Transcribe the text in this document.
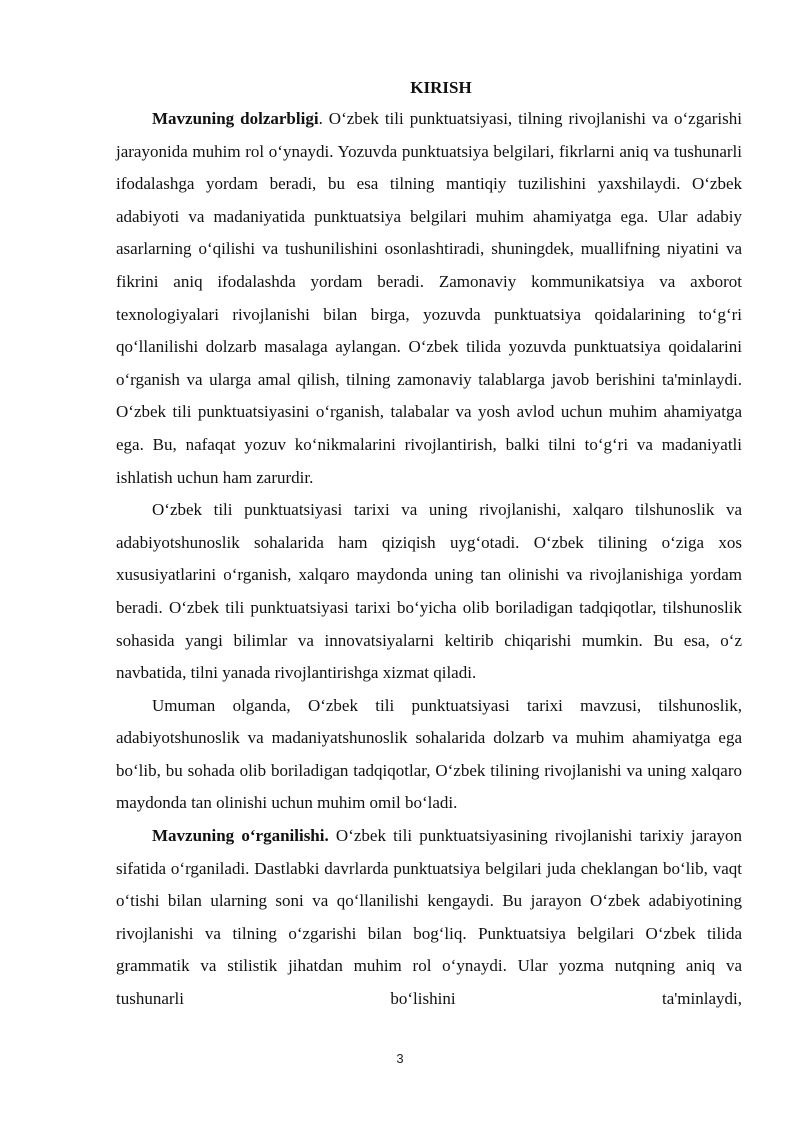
KIRISH

Mavzuning dolzarbligi. O‘zbek tili punktuatsiyasi, tilning rivojlanishi va o‘zgarishi jarayonida muhim rol o‘ynaydi. Yozuvda punktuatsiya belgilari, fikrlarni aniq va tushunarli ifodalashga yordam beradi, bu esa tilning mantiqiy tuzilishini yaxshilaydi. O‘zbek adabiyoti va madaniyatida punktuatsiya belgilari muhim ahamiyatga ega. Ular adabiy asarlarning o‘qilishi va tushunilishini osonlashtiradi, shuningdek, muallifning niyatini va fikrini aniq ifodalashda yordam beradi. Zamonaviy kommunikatsiya va axborot texnologiyalari rivojlanishi bilan birga, yozuvda punktuatsiya qoidalarining to‘g‘ri qo‘llanilishi dolzarb masalaga aylangan. O‘zbek tilida yozuvda punktuatsiya qoidalarini o‘rganish va ularga amal qilish, tilning zamonaviy talablarga javob berishini ta'minlaydi. O‘zbek tili punktuatsiyasini o‘rganish, talabalar va yosh avlod uchun muhim ahamiyatga ega. Bu, nafaqat yozuv ko‘nikmalarini rivojlantirish, balki tilni to‘g‘ri va madaniyatli ishlatish uchun ham zarurdir.

O‘zbek tili punktuatsiyasi tarixi va uning rivojlanishi, xalqaro tilshunoslik va adabiyotshunoslik sohalarida ham qiziqish uyg‘otadi. O‘zbek tilining o‘ziga xos xususiyatlarini o‘rganish, xalqaro maydonda uning tan olinishi va rivojlanishiga yordam beradi. O‘zbek tili punktuatsiyasi tarixi bo‘yicha olib boriladigan tadqiqotlar, tilshunoslik sohasida yangi bilimlar va innovatsiyalarni keltirib chiqarishi mumkin. Bu esa, o‘z navbatida, tilni yanada rivojlantirishga xizmat qiladi.

Umuman olganda, O‘zbek tili punktuatsiyasi tarixi mavzusi, tilshunoslik, adabiyotshunoslik va madaniyatshunoslik sohalarida dolzarb va muhim ahamiyatga ega bo‘lib, bu sohada olib boriladigan tadqiqotlar, O‘zbek tilining rivojlanishi va uning xalqaro maydonda tan olinishi uchun muhim omil bo‘ladi.

Mavzuning o‘rganilishi. O‘zbek tili punktuatsiyasining rivojlanishi tarixiy jarayon sifatida o‘rganiladi. Dastlabki davrlarda punktuatsiya belgilari juda cheklangan bo‘lib, vaqt o‘tishi bilan ularning soni va qo‘llanilishi kengaydi. Bu jarayon O‘zbek adabiyotining rivojlanishi va tilning o‘zgarishi bilan bog‘liq. Punktuatsiya belgilari O‘zbek tilida grammatik va stilistik jihatdan muhim rol o‘ynaydi. Ular yozma nutqning aniq va tushunarli bo‘lishini ta'minlaydi,

3
